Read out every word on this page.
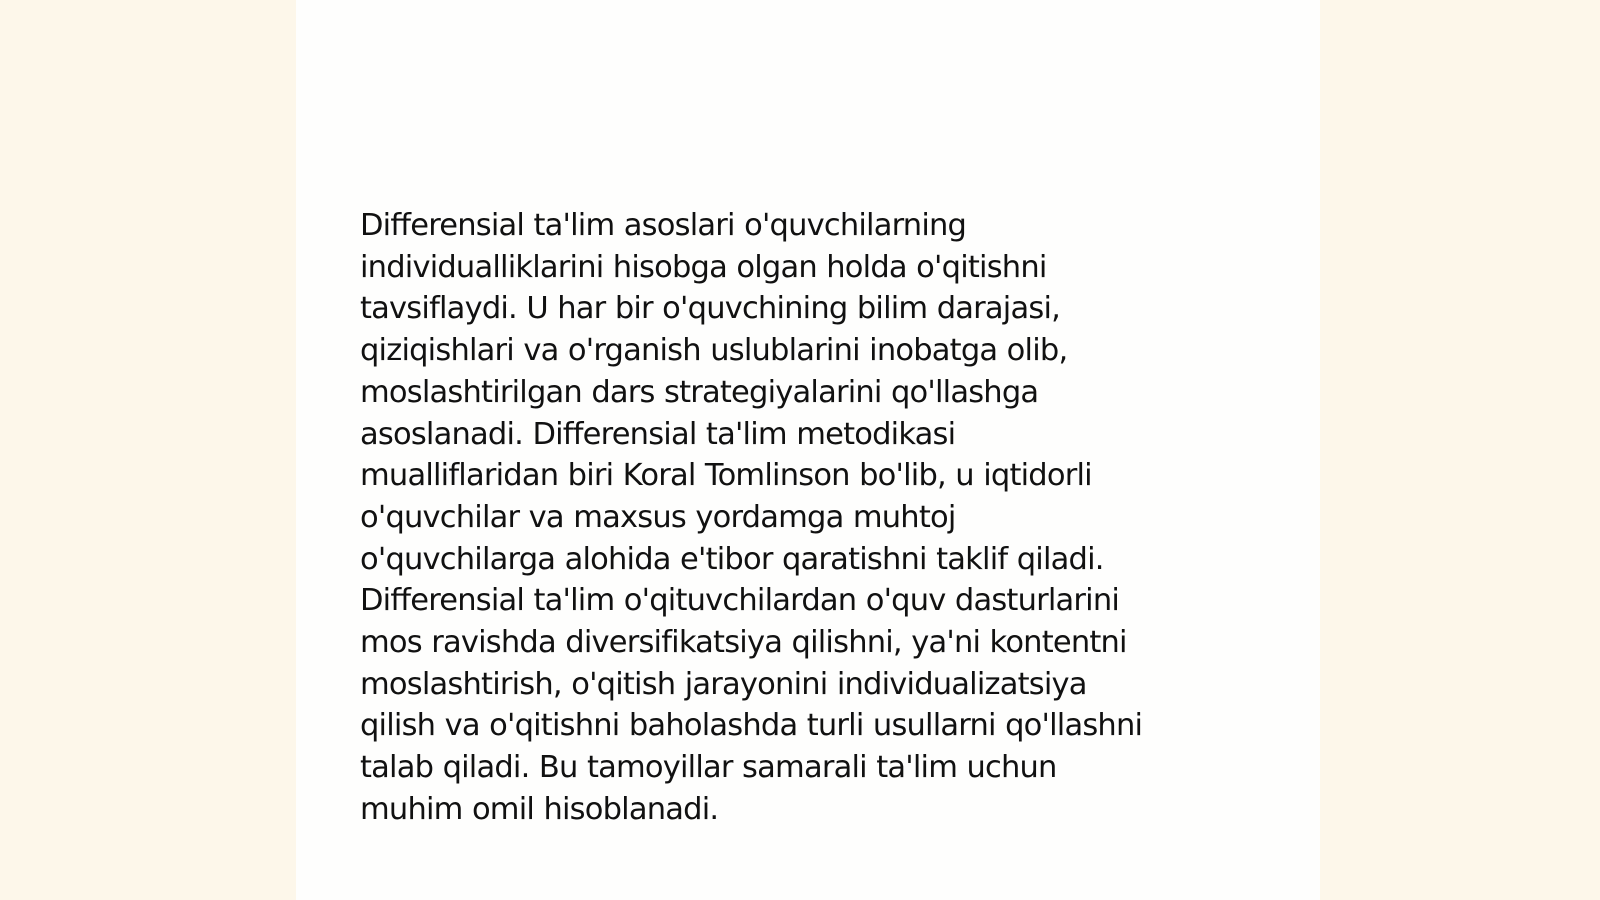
Differensial ta'lim asoslari o'quvchilarning
individualliklarini hisobga olgan holda o'qitishni
tavsiflaydi. U har bir o'quvchining bilim darajasi,
qiziqishlari va o'rganish uslublarini inobatga olib,
moslashtirilgan dars strategiyalarini qo'llashga
asoslanadi. Differensial ta'lim metodikasi
mualliflaridan biri Koral Tomlinson bo'lib, u iqtidorli
o'quvchilar va maxsus yordamga muhtoj
o'quvchilarga alohida e'tibor qaratishni taklif qiladi.
Differensial ta'lim o'qituvchilardan o'quv dasturlarini
mos ravishda diversifikatsiya qilishni, ya'ni kontentni
moslashtirish, o'qitish jarayonini individualizatsiya
qilish va o'qitishni baholashda turli usullarni qo'llashni
talab qiladi. Bu tamoyillar samarali ta'lim uchun
muhim omil hisoblanadi.
